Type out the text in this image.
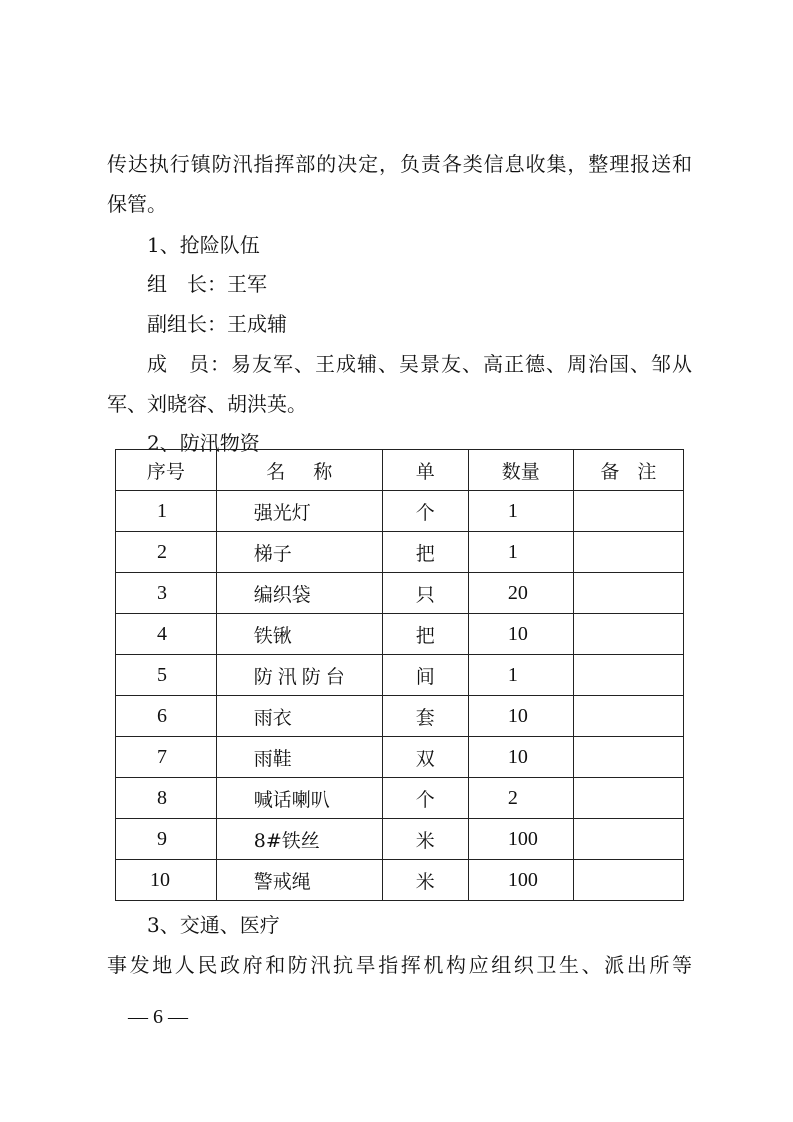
传达执行镇防汛指挥部的决定，负责各类信息收集，整理报送和
保管。
1、抢险队伍
组　长：王军
副组长：王成辅
成　员：易友军、王成辅、吴景友、高正德、周治国、邹从
军、刘晓容、胡洪英。
2、防汛物资
序号	名称	单	数量	备注
1	强光灯	个	1	
2	梯子	把	1	
3	编织袋	只	20	
4	铁锹	把	10	
5	防汛防台	间	1	
6	雨衣	套	10	
7	雨鞋	双	10	
8	喊话喇叭	个	2	
9	8#铁丝	米	100	
10	警戒绳	米	100	
3、交通、医疗
事发地人民政府和防汛抗旱指挥机构应组织卫生、派出所等
— 6 —
